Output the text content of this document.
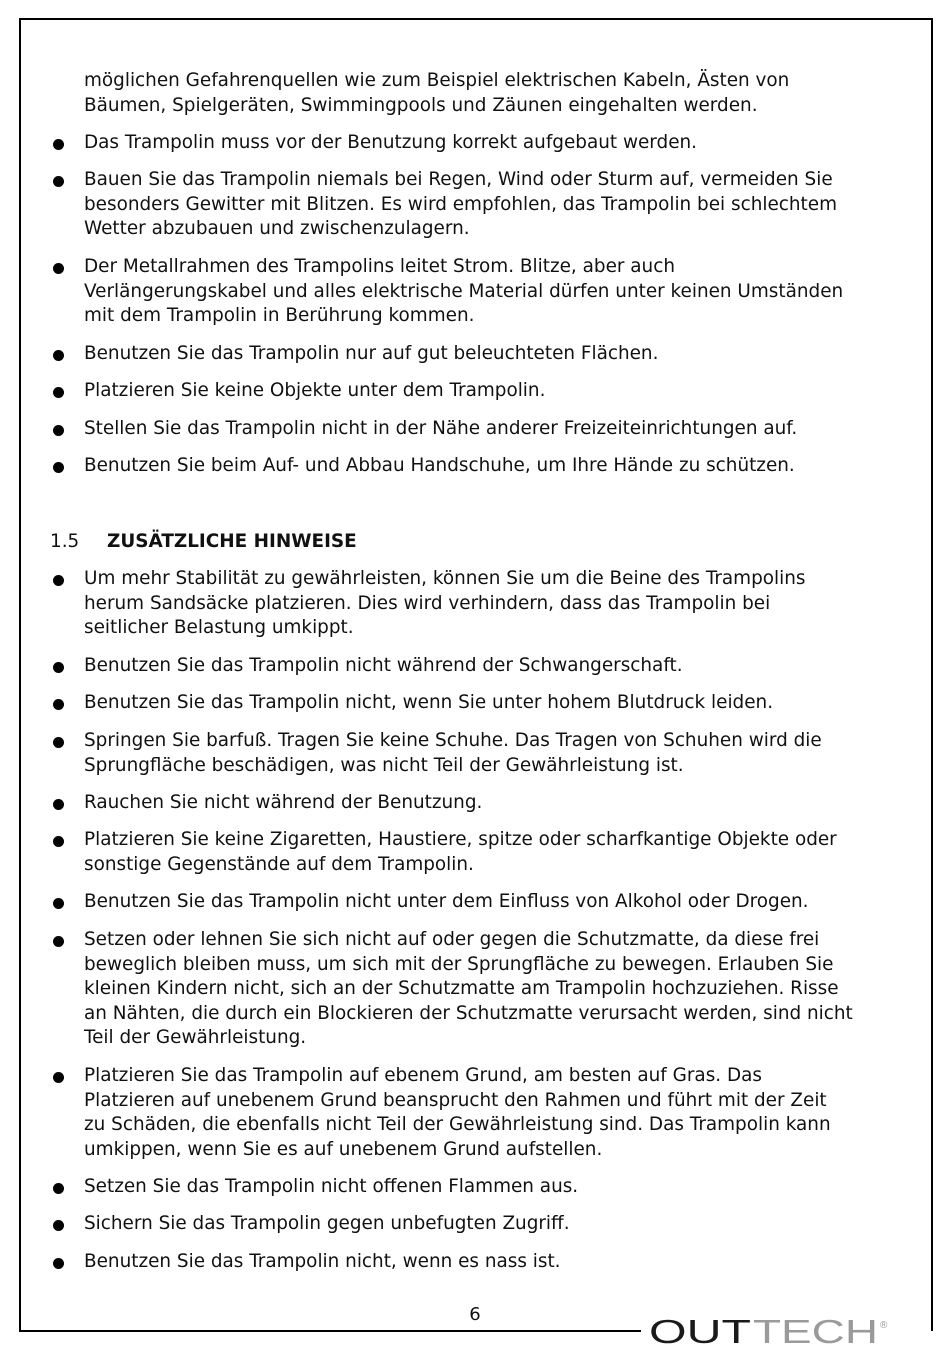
möglichen Gefahrenquellen wie zum Beispiel elektrischen Kabeln, Ästen von
Bäumen, Spielgeräten, Swimmingpools und Zäunen eingehalten werden.
Das Trampolin muss vor der Benutzung korrekt aufgebaut werden.
Bauen Sie das Trampolin niemals bei Regen, Wind oder Sturm auf, vermeiden Sie
besonders Gewitter mit Blitzen. Es wird empfohlen, das Trampolin bei schlechtem
Wetter abzubauen und zwischenzulagern.
Der Metallrahmen des Trampolins leitet Strom. Blitze, aber auch
Verlängerungskabel und alles elektrische Material dürfen unter keinen Umständen
mit dem Trampolin in Berührung kommen.
Benutzen Sie das Trampolin nur auf gut beleuchteten Flächen.
Platzieren Sie keine Objekte unter dem Trampolin.
Stellen Sie das Trampolin nicht in der Nähe anderer Freizeiteinrichtungen auf.
Benutzen Sie beim Auf- und Abbau Handschuhe, um Ihre Hände zu schützen.
1.5 ZUSÄTZLICHE HINWEISE
Um mehr Stabilität zu gewährleisten, können Sie um die Beine des Trampolins
herum Sandsäcke platzieren. Dies wird verhindern, dass das Trampolin bei
seitlicher Belastung umkippt.
Benutzen Sie das Trampolin nicht während der Schwangerschaft.
Benutzen Sie das Trampolin nicht, wenn Sie unter hohem Blutdruck leiden.
Springen Sie barfuß. Tragen Sie keine Schuhe. Das Tragen von Schuhen wird die
Sprungfläche beschädigen, was nicht Teil der Gewährleistung ist.
Rauchen Sie nicht während der Benutzung.
Platzieren Sie keine Zigaretten, Haustiere, spitze oder scharfkantige Objekte oder
sonstige Gegenstände auf dem Trampolin.
Benutzen Sie das Trampolin nicht unter dem Einfluss von Alkohol oder Drogen.
Setzen oder lehnen Sie sich nicht auf oder gegen die Schutzmatte, da diese frei
beweglich bleiben muss, um sich mit der Sprungfläche zu bewegen. Erlauben Sie
kleinen Kindern nicht, sich an der Schutzmatte am Trampolin hochzuziehen. Risse
an Nähten, die durch ein Blockieren der Schutzmatte verursacht werden, sind nicht
Teil der Gewährleistung.
Platzieren Sie das Trampolin auf ebenem Grund, am besten auf Gras. Das
Platzieren auf unebenem Grund beansprucht den Rahmen und führt mit der Zeit
zu Schäden, die ebenfalls nicht Teil der Gewährleistung sind. Das Trampolin kann
umkippen, wenn Sie es auf unebenem Grund aufstellen.
Setzen Sie das Trampolin nicht offenen Flammen aus.
Sichern Sie das Trampolin gegen unbefugten Zugriff.
Benutzen Sie das Trampolin nicht, wenn es nass ist.
6	OUT TECH ®
